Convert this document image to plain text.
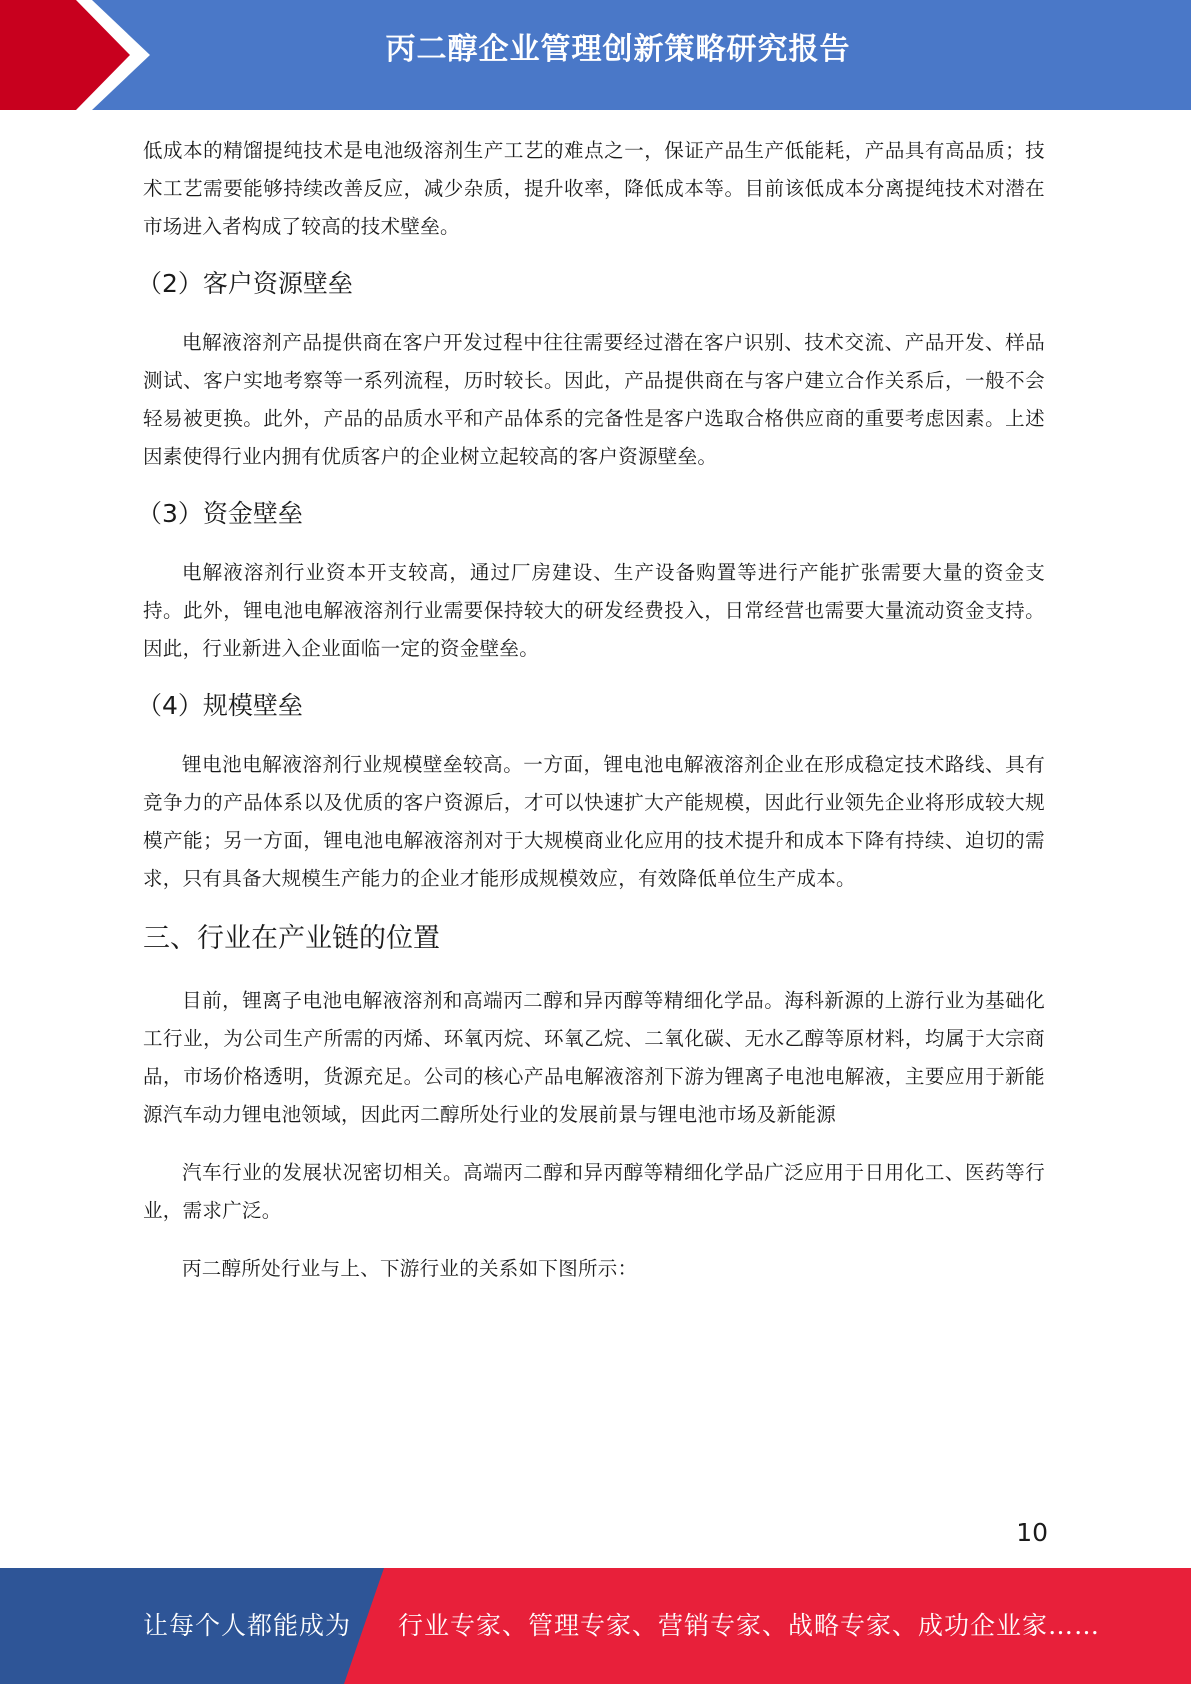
丙二醇企业管理创新策略研究报告

低成本的精馏提纯技术是电池级溶剂生产工艺的难点之一，保证产品生产低能耗，产品具有高品质；技术工艺需要能够持续改善反应，减少杂质，提升收率，降低成本等。目前该低成本分离提纯技术对潜在市场进入者构成了较高的技术壁垒。

（2）客户资源壁垒

电解液溶剂产品提供商在客户开发过程中往往需要经过潜在客户识别、技术交流、产品开发、样品测试、客户实地考察等一系列流程，历时较长。因此，产品提供商在与客户建立合作关系后，一般不会轻易被更换。此外，产品的品质水平和产品体系的完备性是客户选取合格供应商的重要考虑因素。上述因素使得行业内拥有优质客户的企业树立起较高的客户资源壁垒。

（3）资金壁垒

电解液溶剂行业资本开支较高，通过厂房建设、生产设备购置等进行产能扩张需要大量的资金支持。此外，锂电池电解液溶剂行业需要保持较大的研发经费投入，日常经营也需要大量流动资金支持。因此，行业新进入企业面临一定的资金壁垒。

（4）规模壁垒

锂电池电解液溶剂行业规模壁垒较高。一方面，锂电池电解液溶剂企业在形成稳定技术路线、具有竞争力的产品体系以及优质的客户资源后，才可以快速扩大产能规模，因此行业领先企业将形成较大规模产能；另一方面，锂电池电解液溶剂对于大规模商业化应用的技术提升和成本下降有持续、迫切的需求，只有具备大规模生产能力的企业才能形成规模效应，有效降低单位生产成本。

三、行业在产业链的位置

目前，锂离子电池电解液溶剂和高端丙二醇和异丙醇等精细化学品。海科新源的上游行业为基础化工行业，为公司生产所需的丙烯、环氧丙烷、环氧乙烷、二氧化碳、无水乙醇等原材料，均属于大宗商品，市场价格透明，货源充足。公司的核心产品电解液溶剂下游为锂离子电池电解液，主要应用于新能源汽车动力锂电池领域，因此丙二醇所处行业的发展前景与锂电池市场及新能源

汽车行业的发展状况密切相关。高端丙二醇和异丙醇等精细化学品广泛应用于日用化工、医药等行业，需求广泛。

丙二醇所处行业与上、下游行业的关系如下图所示：

10
让每个人都能成为 行业专家、管理专家、营销专家、战略专家、成功企业家……
